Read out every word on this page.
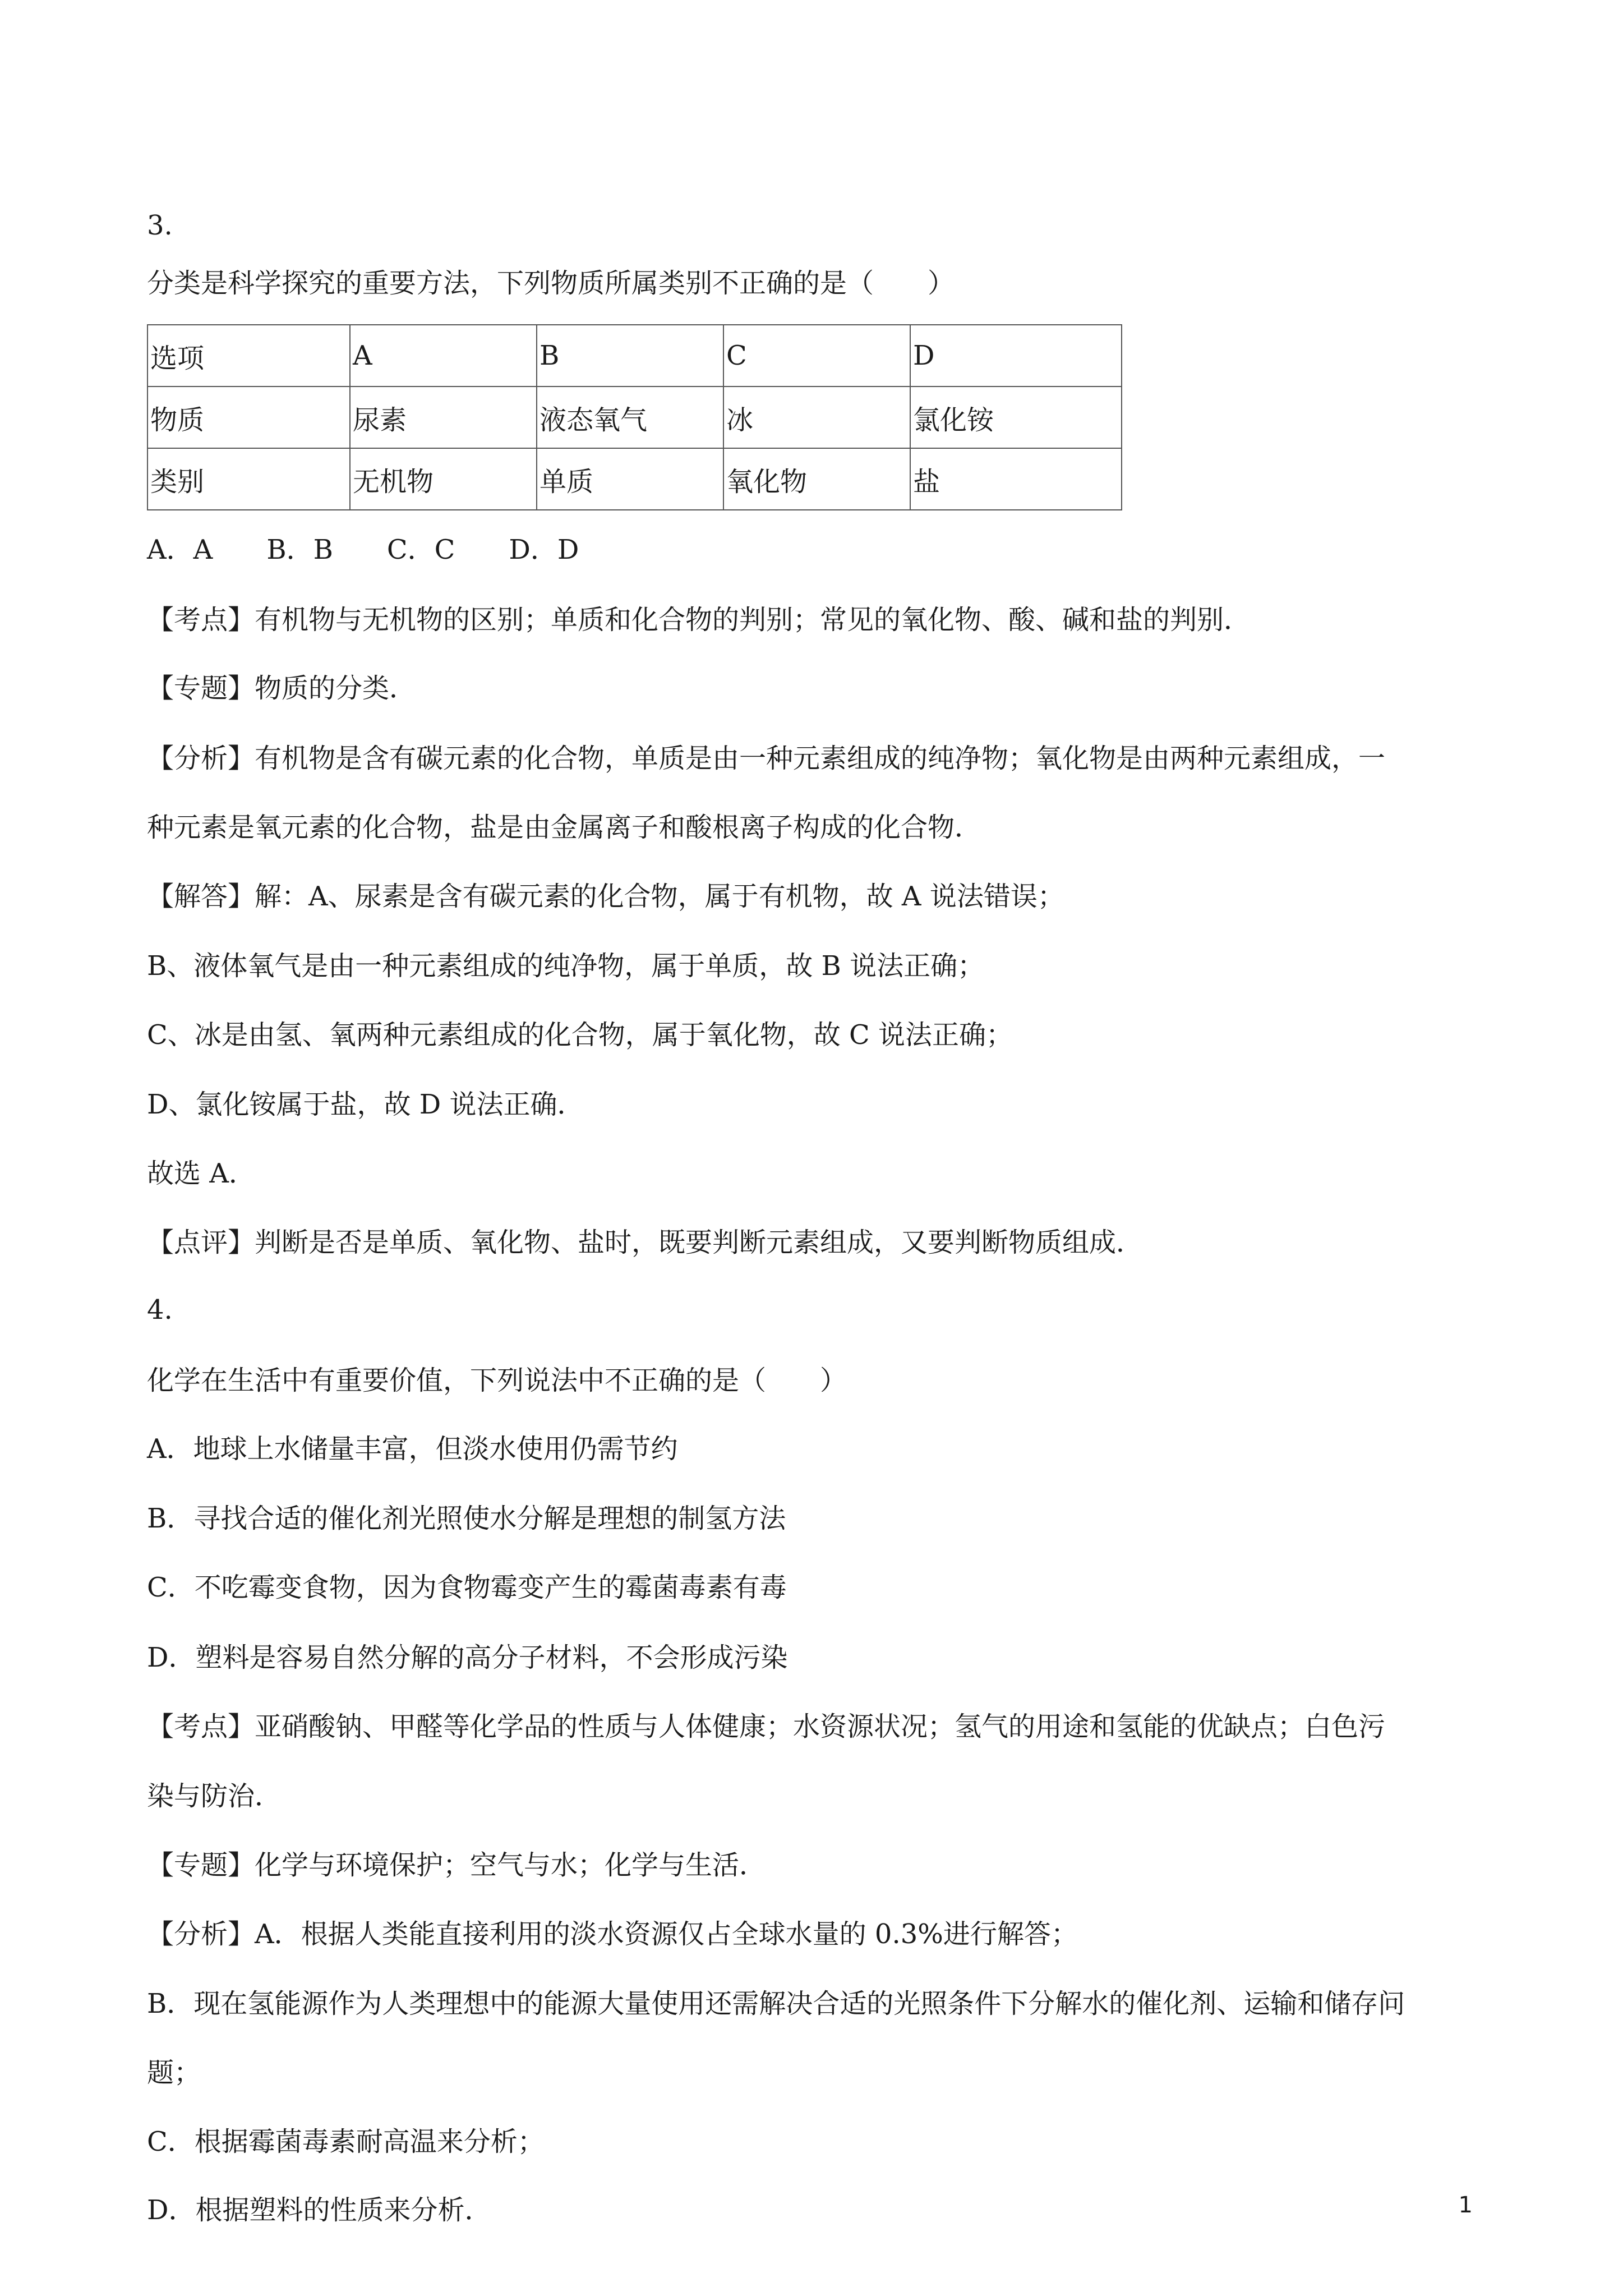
3.
分类是科学探究的重要方法，下列物质所属类别不正确的是（　　）
选项	A	B	C	D
物质	尿素	液态氧气	冰	氯化铵
类别	无机物	单质	氧化物	盐
A．A　　B．B　　C．C　　D．D
【考点】有机物与无机物的区别；单质和化合物的判别；常见的氧化物、酸、碱和盐的判别．
【专题】物质的分类．
【分析】有机物是含有碳元素的化合物，单质是由一种元素组成的纯净物；氧化物是由两种元素组成，一
种元素是氧元素的化合物，盐是由金属离子和酸根离子构成的化合物．
【解答】解：A、尿素是含有碳元素的化合物，属于有机物，故 A 说法错误；
B、液体氧气是由一种元素组成的纯净物，属于单质，故 B 说法正确；
C、冰是由氢、氧两种元素组成的化合物，属于氧化物，故 C 说法正确；
D、氯化铵属于盐，故 D 说法正确．
故选 A．
【点评】判断是否是单质、氧化物、盐时，既要判断元素组成，又要判断物质组成．
4.
化学在生活中有重要价值，下列说法中不正确的是（　　）
A．地球上水储量丰富，但淡水使用仍需节约
B．寻找合适的催化剂光照使水分解是理想的制氢方法
C．不吃霉变食物，因为食物霉变产生的霉菌毒素有毒
D．塑料是容易自然分解的高分子材料，不会形成污染
【考点】亚硝酸钠、甲醛等化学品的性质与人体健康；水资源状况；氢气的用途和氢能的优缺点；白色污
染与防治．
【专题】化学与环境保护；空气与水；化学与生活．
【分析】A．根据人类能直接利用的淡水资源仅占全球水量的 0.3%进行解答；
B．现在氢能源作为人类理想中的能源大量使用还需解决合适的光照条件下分解水的催化剂、运输和储存问
题；
C．根据霉菌毒素耐高温来分析；
D．根据塑料的性质来分析．	1
